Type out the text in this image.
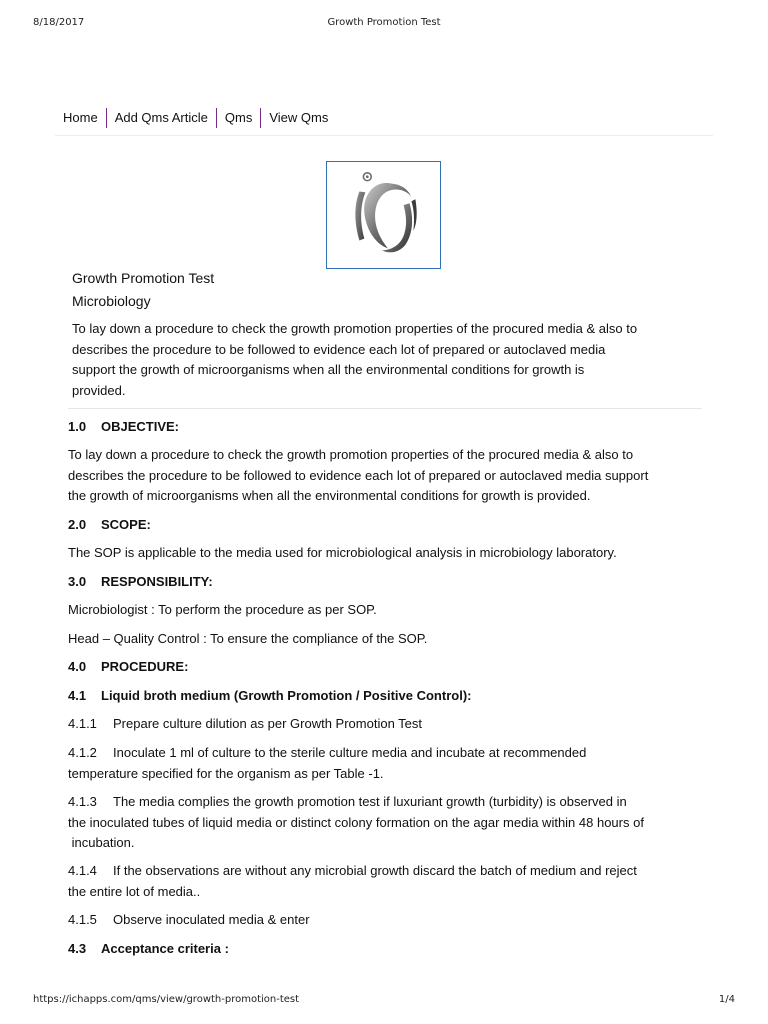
8/18/2017	Growth Promotion Test
Home	Add Qms Article	Qms	View Qms
Growth Promotion Test
Microbiology
To lay down a procedure to check the growth promotion properties of the procured media & also to
describes the procedure to be followed to evidence each lot of prepared or autoclaved media
support the growth of microorganisms when all the environmental conditions for growth is
provided.
1.0 OBJECTIVE:
To lay down a procedure to check the growth promotion properties of the procured media & also to
describes the procedure to be followed to evidence each lot of prepared or autoclaved media support
the growth of microorganisms when all the environmental conditions for growth is provided.
2.0 SCOPE:
The SOP is applicable to the media used for microbiological analysis in microbiology laboratory.
3.0 RESPONSIBILITY:
Microbiologist : To perform the procedure as per SOP.
Head – Quality Control : To ensure the compliance of the SOP.
4.0 PROCEDURE:
4.1 Liquid broth medium (Growth Promotion / Positive Control):
4.1.1 Prepare culture dilution as per Growth Promotion Test
4.1.2 Inoculate 1 ml of culture to the sterile culture media and incubate at recommended
temperature specified for the organism as per Table -1.
4.1.3 The media complies the growth promotion test if luxuriant growth (turbidity) is observed in
the inoculated tubes of liquid media or distinct colony formation on the agar media within 48 hours of
incubation.
4.1.4 If the observations are without any microbial growth discard the batch of medium and reject
the entire lot of media..
4.1.5 Observe inoculated media & enter
4.3 Acceptance criteria :
https://ichapps.com/qms/view/growth-promotion-test	1/4
